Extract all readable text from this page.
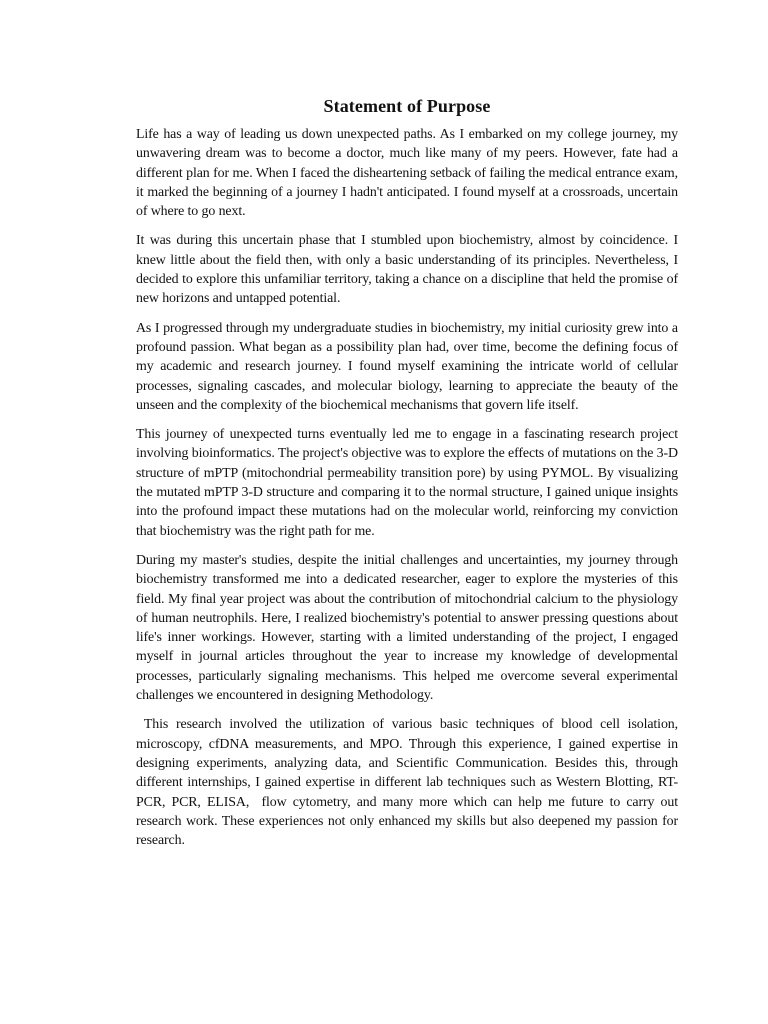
Statement of Purpose

Life has a way of leading us down unexpected paths. As I embarked on my college journey, my unwavering dream was to become a doctor, much like many of my peers. However, fate had a different plan for me. When I faced the disheartening setback of failing the medical entrance exam, it marked the beginning of a journey I hadn't anticipated. I found myself at a crossroads, uncertain of where to go next.

It was during this uncertain phase that I stumbled upon biochemistry, almost by coincidence. I knew little about the field then, with only a basic understanding of its principles. Nevertheless, I decided to explore this unfamiliar territory, taking a chance on a discipline that held the promise of new horizons and untapped potential.

As I progressed through my undergraduate studies in biochemistry, my initial curiosity grew into a profound passion. What began as a possibility plan had, over time, become the defining focus of my academic and research journey. I found myself examining the intricate world of cellular processes, signaling cascades, and molecular biology, learning to appreciate the beauty of the unseen and the complexity of the biochemical mechanisms that govern life itself.

This journey of unexpected turns eventually led me to engage in a fascinating research project involving bioinformatics. The project's objective was to explore the effects of mutations on the 3-D structure of mPTP (mitochondrial permeability transition pore) by using PYMOL. By visualizing the mutated mPTP 3-D structure and comparing it to the normal structure, I gained unique insights into the profound impact these mutations had on the molecular world, reinforcing my conviction that biochemistry was the right path for me.

During my master's studies, despite the initial challenges and uncertainties, my journey through biochemistry transformed me into a dedicated researcher, eager to explore the mysteries of this field. My final year project was about the contribution of mitochondrial calcium to the physiology of human neutrophils. Here, I realized biochemistry's potential to answer pressing questions about life's inner workings. However, starting with a limited understanding of the project, I engaged myself in journal articles throughout the year to increase my knowledge of developmental processes, particularly signaling mechanisms. This helped me overcome several experimental challenges we encountered in designing Methodology.

This research involved the utilization of various basic techniques of blood cell isolation, microscopy, cfDNA measurements, and MPO. Through this experience, I gained expertise in designing experiments, analyzing data, and Scientific Communication. Besides this, through different internships, I gained expertise in different lab techniques such as Western Blotting, RT-PCR, PCR, ELISA,  flow cytometry, and many more which can help me future to carry out research work. These experiences not only enhanced my skills but also deepened my passion for research.
